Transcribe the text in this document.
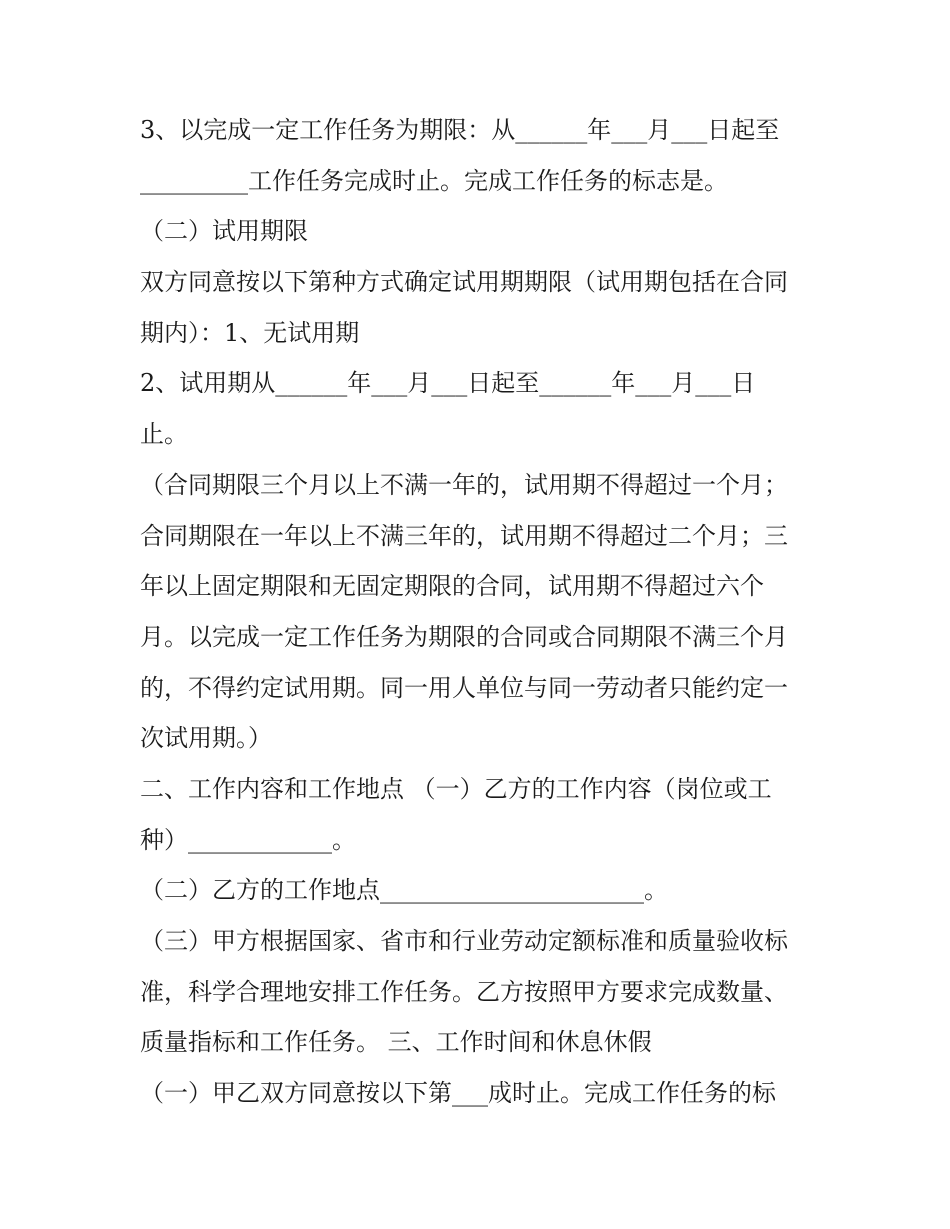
3、以完成一定工作任务为期限：从______年___月___日起至
_________工作任务完成时止。完成工作任务的标志是。
（二）试用期限
双方同意按以下第种方式确定试用期期限（试用期包括在合同
期内）：1、无试用期
2、试用期从______年___月___日起至______年___月___日
止。
（合同期限三个月以上不满一年的，试用期不得超过一个月；
合同期限在一年以上不满三年的，试用期不得超过二个月；三
年以上固定期限和无固定期限的合同，试用期不得超过六个
月。以完成一定工作任务为期限的合同或合同期限不满三个月
的，不得约定试用期。同一用人单位与同一劳动者只能约定一
次试用期。）
二、工作内容和工作地点 （一）乙方的工作内容（岗位或工
种）____________。
（二）乙方的工作地点______________________。
（三）甲方根据国家、省市和行业劳动定额标准和质量验收标
准，科学合理地安排工作任务。乙方按照甲方要求完成数量、
质量指标和工作任务。 三、工作时间和休息休假
（一）甲乙双方同意按以下第___成时止。完成工作任务的标
